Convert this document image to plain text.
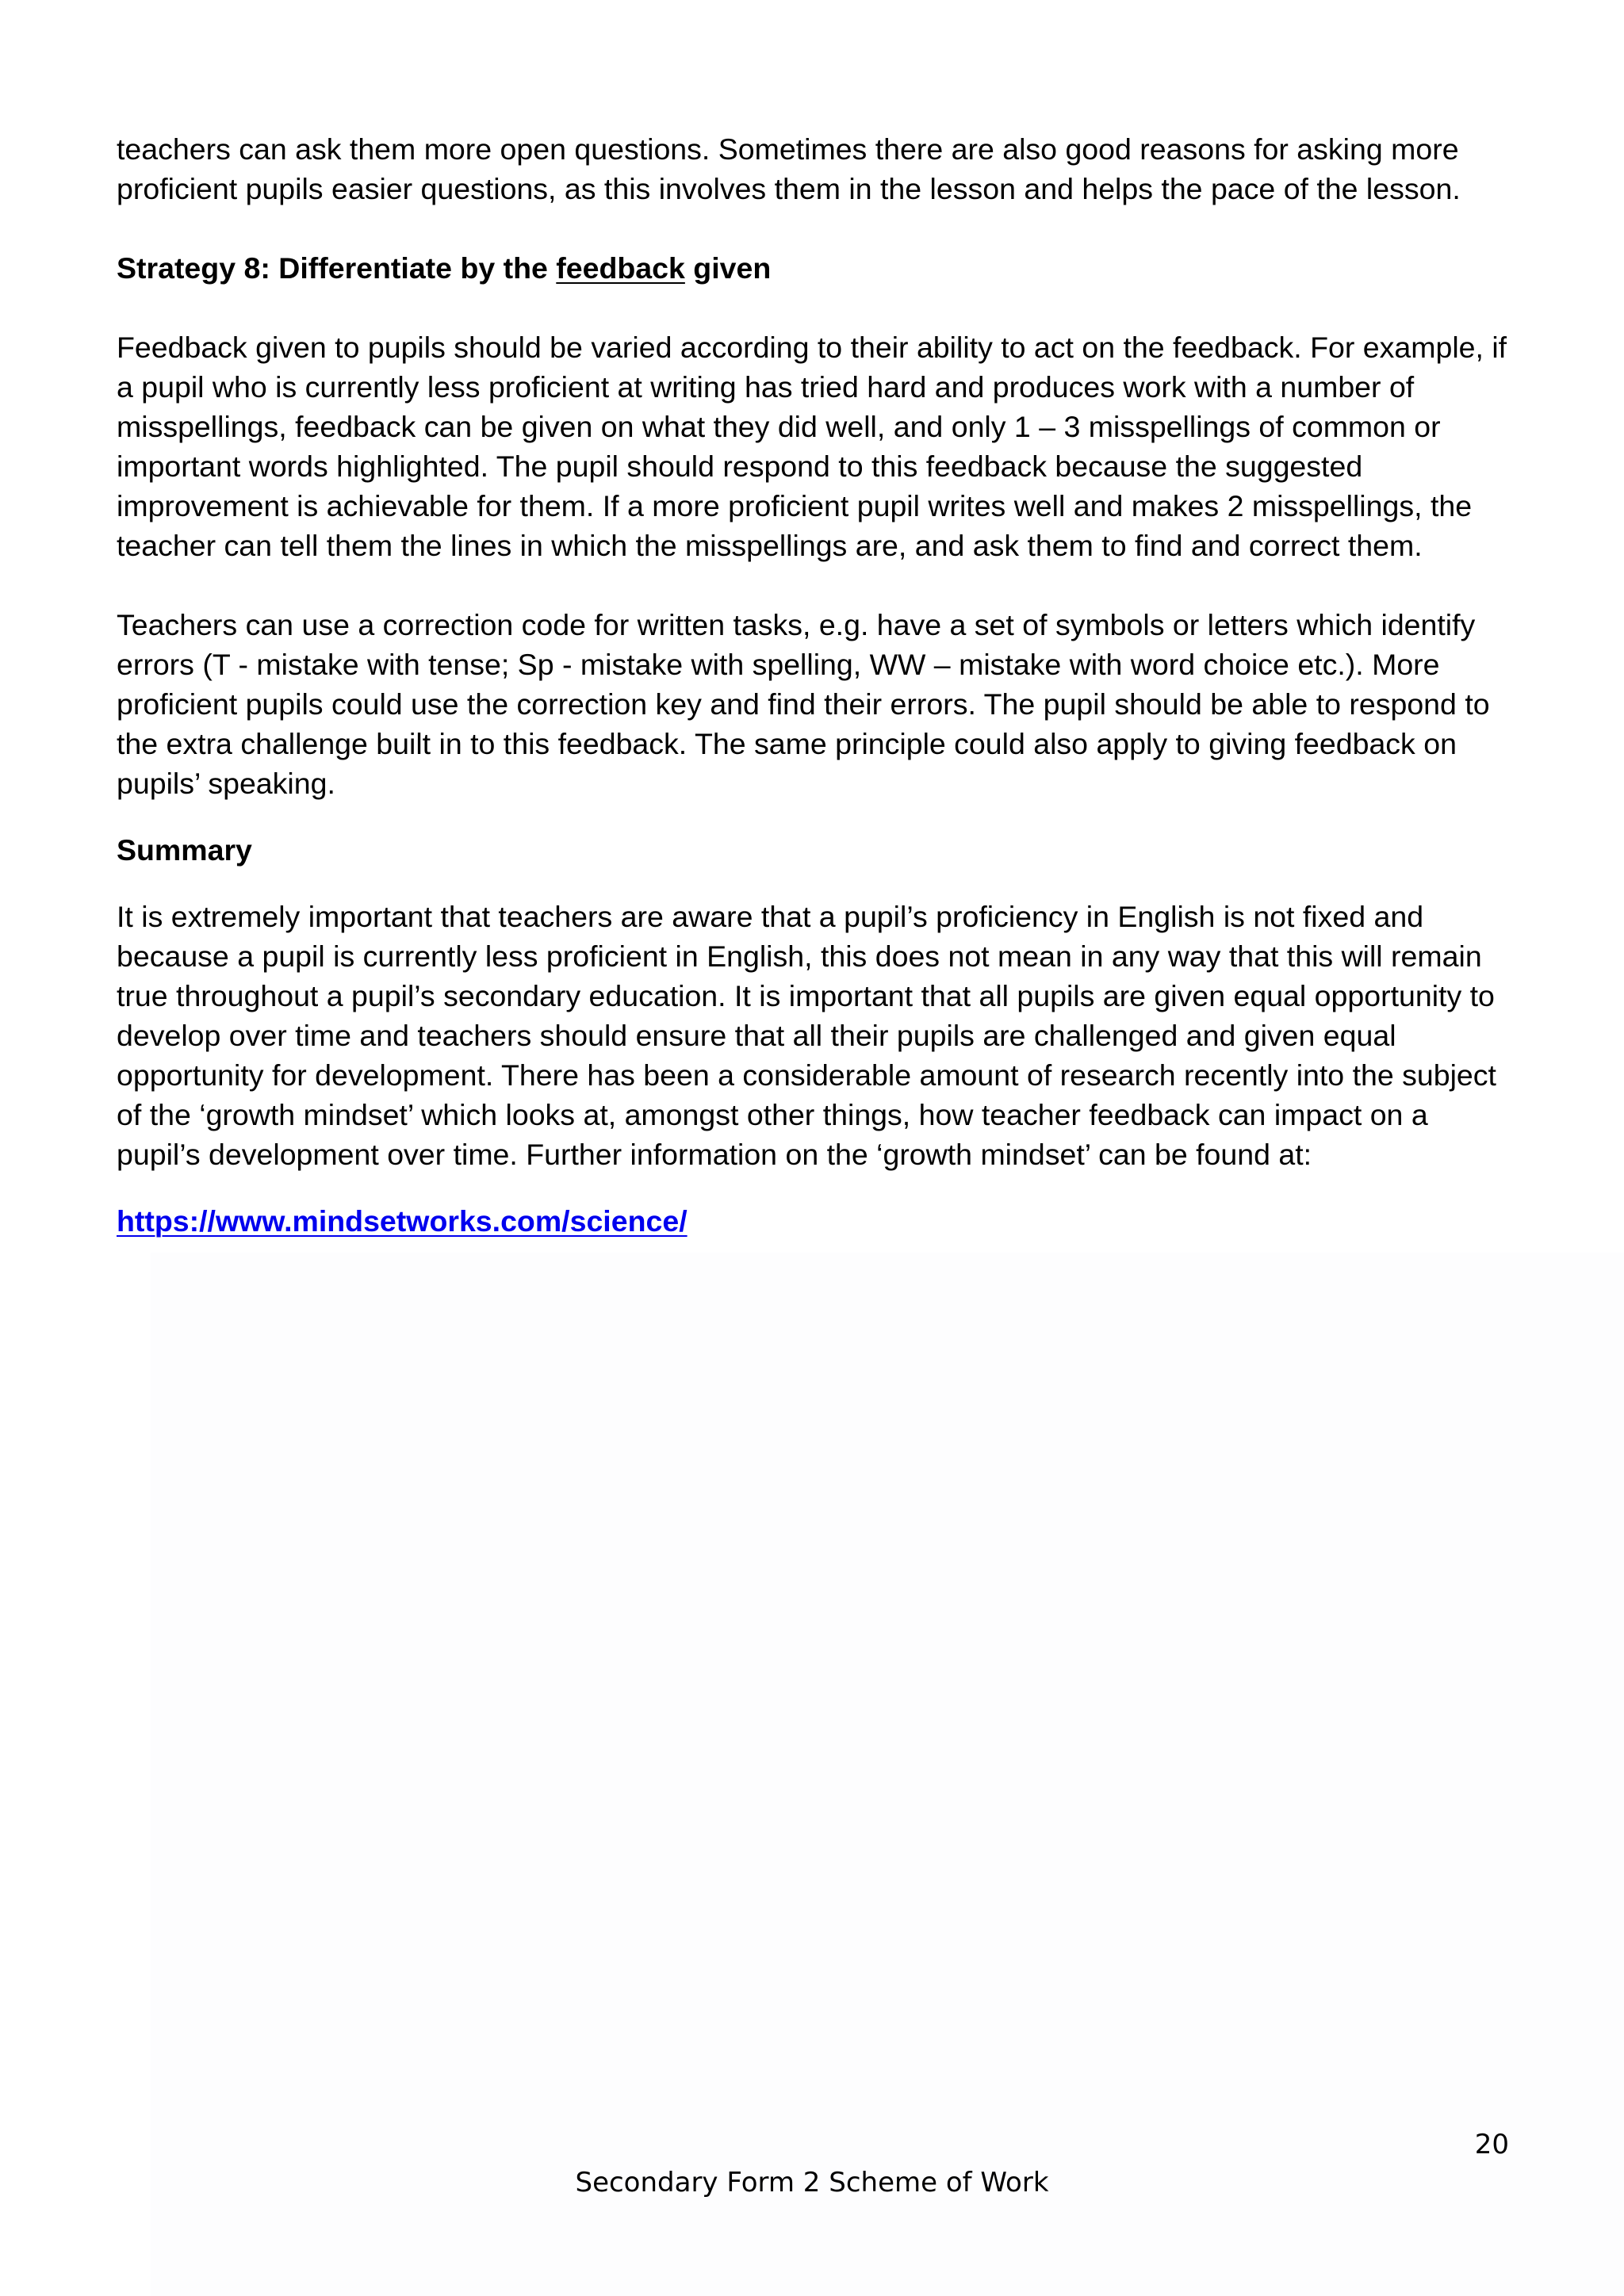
teachers can ask them more open questions. Sometimes there are also good reasons for asking more proficient pupils easier questions, as this involves them in the lesson and helps the pace of the lesson.

Strategy 8: Differentiate by the feedback given

Feedback given to pupils should be varied according to their ability to act on the feedback. For example, if a pupil who is currently less proficient at writing has tried hard and produces work with a number of misspellings, feedback can be given on what they did well, and only 1 – 3 misspellings of common or important words highlighted. The pupil should respond to this feedback because the suggested improvement is achievable for them. If a more proficient pupil writes well and makes 2 misspellings, the teacher can tell them the lines in which the misspellings are, and ask them to find and correct them.

Teachers can use a correction code for written tasks, e.g. have a set of symbols or letters which identify errors (T - mistake with tense; Sp - mistake with spelling, WW – mistake with word choice etc.). More proficient pupils could use the correction key and find their errors. The pupil should be able to respond to the extra challenge built in to this feedback. The same principle could also apply to giving feedback on pupils’ speaking.

Summary

It is extremely important that teachers are aware that a pupil’s proficiency in English is not fixed and because a pupil is currently less proficient in English, this does not mean in any way that this will remain true throughout a pupil’s secondary education. It is important that all pupils are given equal opportunity to develop over time and teachers should ensure that all their pupils are challenged and given equal opportunity for development. There has been a considerable amount of research recently into the subject of the ‘growth mindset’ which looks at, amongst other things, how teacher feedback can impact on a pupil’s development over time. Further information on the ‘growth mindset’ can be found at:

https://www.mindsetworks.com/science/

20
Secondary Form 2 Scheme of Work
